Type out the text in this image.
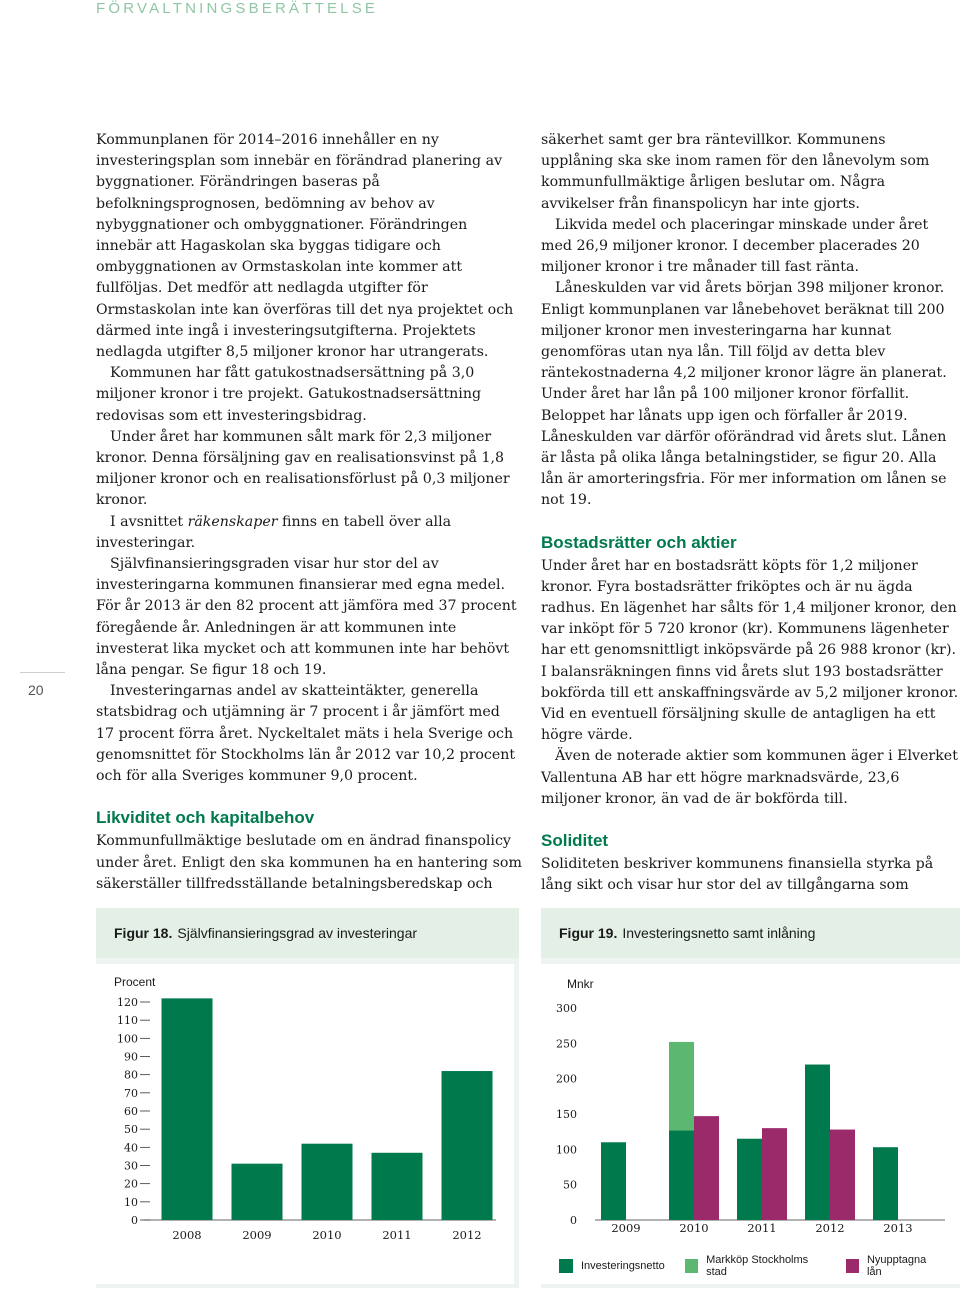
FÖRVALTNINGSBERÄTTELSE
20

Kommunplanen för 2014–2016 innehåller en ny investeringsplan som innebär en förändrad planering av byggnationer. Förändringen baseras på befolkningsprognosen, bedömning av behov av nybyggnationer och ombyggnationer. Förändringen innebär att Hagaskolan ska byggas tidigare och ombyggnationen av Ormstaskolan inte kommer att fullföljas. Det medför att nedlagda utgifter för Ormstaskolan inte kan överföras till det nya projektet och därmed inte ingå i investeringsutgifterna. Projektets nedlagda utgifter 8,5 miljoner kronor har utrangerats.

Kommunen har fått gatukostnadsersättning på 3,0 miljoner kronor i tre projekt. Gatukostnadsersättning redovisas som ett investeringsbidrag.

Under året har kommunen sålt mark för 2,3 miljoner kronor. Denna försäljning gav en realisationsvinst på 1,8 miljoner kronor och en realisationsförlust på 0,3 miljoner kronor.

I avsnittet räkenskaper finns en tabell över alla investeringar.

Självfinansieringsgraden visar hur stor del av investeringarna kommunen finansierar med egna medel. För år 2013 är den 82 procent att jämföra med 37 procent föregående år. Anledningen är att kommunen inte investerat lika mycket och att kommunen inte har behövt låna pengar. Se figur 18 och 19.

Investeringarnas andel av skatteintäkter, generella statsbidrag och utjämning är 7 procent i år jämfört med 17 procent förra året. Nyckeltalet mäts i hela Sverige och genomsnittet för Stockholms län år 2012 var 10,2 procent och för alla Sveriges kommuner 9,0 procent.

Likviditet och kapitalbehov

Kommunfullmäktige beslutade om en ändrad finanspolicy under året. Enligt den ska kommunen ha en hantering som säkerställer tillfredsställande betalningsberedskap och

säkerhet samt ger bra räntevillkor. Kommunens upplåning ska ske inom ramen för den lånevolym som kommunfullmäktige årligen beslutar om. Några avvikelser från finanspolicyn har inte gjorts.

Likvida medel och placeringar minskade under året med 26,9 miljoner kronor. I december placerades 20 miljoner kronor i tre månader till fast ränta.

Låneskulden var vid årets början 398 miljoner kronor. Enligt kommunplanen var lånebehovet beräknat till 200 miljoner kronor men investeringarna har kunnat genomföras utan nya lån. Till följd av detta blev räntekostnaderna 4,2 miljoner kronor lägre än planerat. Under året har lån på 100 miljoner kronor förfallit. Beloppet har lånats upp igen och förfaller år 2019. Låneskulden var därför oförändrad vid årets slut. Lånen är låsta på olika långa betalningstider, se figur 20. Alla lån är amorteringsfria. För mer information om lånen se not 19.

Bostadsrätter och aktier

Under året har en bostadsrätt köpts för 1,2 miljoner kronor. Fyra bostadsrätter friköptes och är nu ägda radhus. En lägenhet har sålts för 1,4 miljoner kronor, den var inköpt för 5 720 kronor (kr). Kommunens lägenheter har ett genomsnittligt inköpsvärde på 26 988 kronor (kr). I balansräkningen finns vid årets slut 193 bostadsrätter bokförda till ett anskaffningsvärde av 5,2 miljoner kronor. Vid en eventuell försäljning skulle de antagligen ha ett högre värde.

Även de noterade aktier som kommunen äger i Elverket Vallentuna AB har ett högre marknadsvärde, 23,6 miljoner kronor, än vad de är bokförda till.

Soliditet

Soliditeten beskriver kommunens finansiella styrka på lång sikt och visar hur stor del av tillgångarna som

Figur 18. Självfinansieringsgrad av investeringar
Procent
0
10
20
30
40
50
60
70
80
90
100
110
120
2008	2009	2010	2011	2012
Figur 19. Investeringsnetto samt inlåning
Mnkr
0
50
100
150
200
250
300
2009	2010	2011	2012	2013
Investeringsnetto	Markköp Stockholms stad
Nyupptagna lån
